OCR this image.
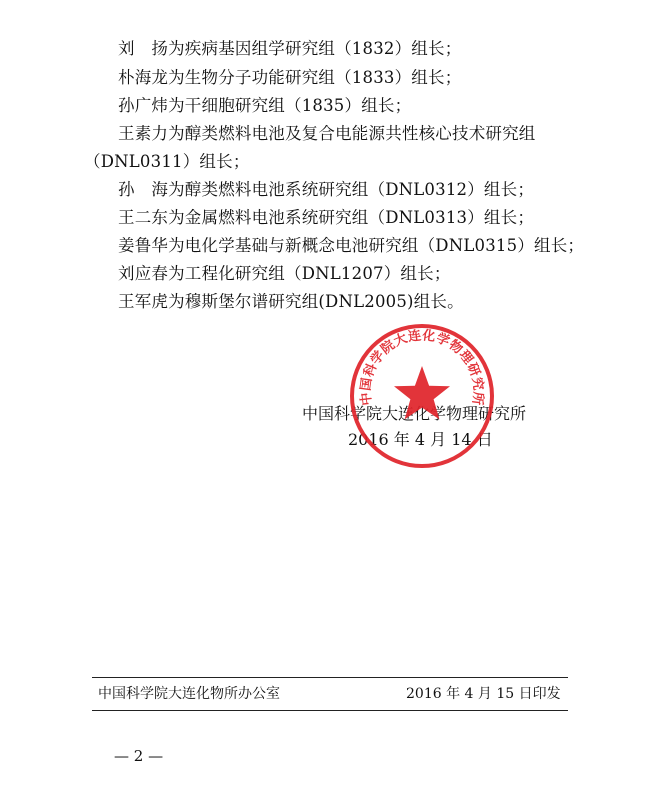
刘　扬为疾病基因组学研究组（1832）组长；
朴海龙为生物分子功能研究组（1833）组长；
孙广炜为干细胞研究组（1835）组长；
王素力为醇类燃料电池及复合电能源共性核心技术研究组
（DNL0311）组长；
孙　海为醇类燃料电池系统研究组（DNL0312）组长；
王二东为金属燃料电池系统研究组（DNL0313）组长；
姜鲁华为电化学基础与新概念电池研究组（DNL0315）组长；
刘应春为工程化研究组（DNL1207）组长；
王军虎为穆斯堡尔谱研究组(DNL2005)组长。
中国科学院大连化学物理研究所
2016 年 4 月 14 日
中国科学院大连化学物理研究所
中国科学院大连化物所办公室	2016 年 4 月 15 日印发
— 2 —
